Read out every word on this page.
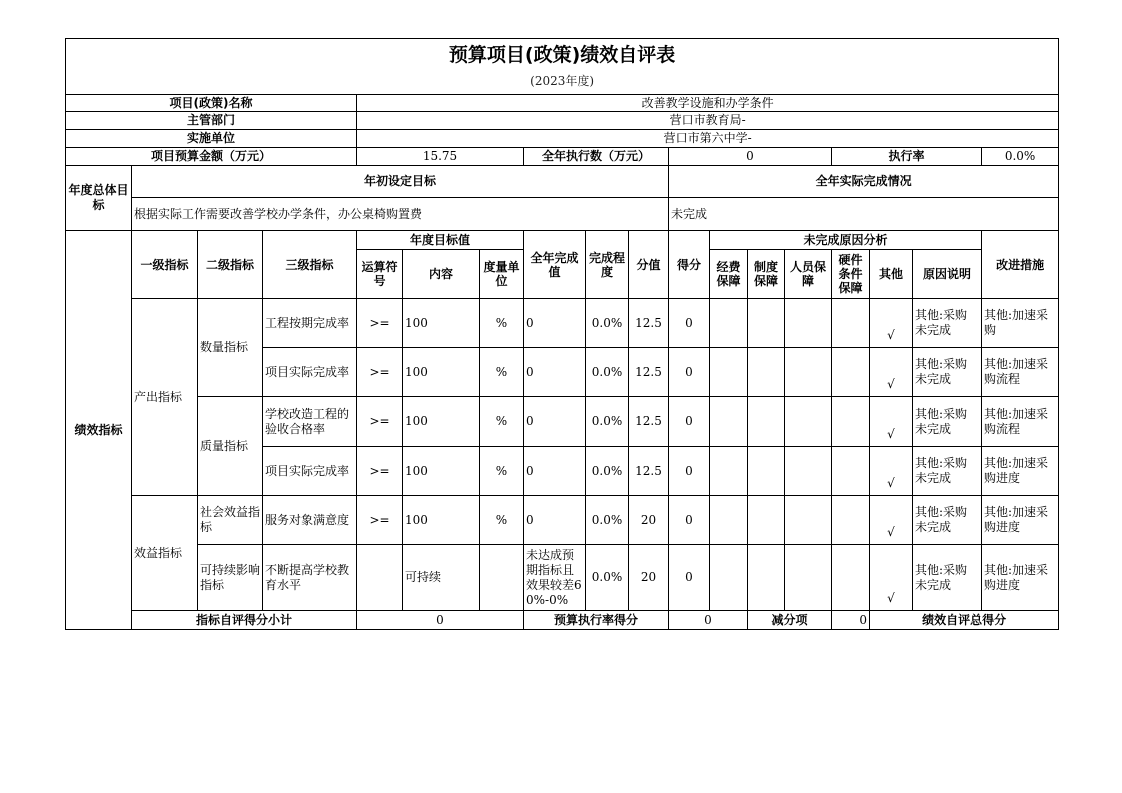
预算项目(政策)绩效自评表																		
(2023年度)																		
项目(政策)名称				改善教学设施和办学条件														
主管部门				营口市教育局-														
实施单位				营口市第六中学-														
项目预算金额（万元）				15.75			全年执行数（万元）			0				执行率			0.0%	
年度总体目标	年初设定目标									全年实际完成情况								
	根据实际工作需要改善学校办学条件，办公桌椅购置费									未完成								
绩效指标	一级指标	二级指标	三级指标	年度目标值			全年完成值	完成程度	分值	得分	未完成原因分析						改进措施	
				运算符号	内容	度量单位					经费保障	制度保障	人员保障	硬件条件保障	其他	原因说明		
	产出指标	数量指标	工程按期完成率	>=	100	%	0	0.0%	12.5	0					√	其他:采购未完成	其他:加速采购	
			项目实际完成率	>=	100	%	0	0.0%	12.5	0					√	其他:采购未完成	其他:加速采购流程	
		质量指标	学校改造工程的验收合格率	>=	100	%	0	0.0%	12.5	0					√	其他:采购未完成	其他:加速采购流程	
			项目实际完成率	>=	100	%	0	0.0%	12.5	0					√	其他:采购未完成	其他:加速采购进度	
	效益指标	社会效益指标	服务对象满意度	>=	100	%	0	0.0%	20	0					√	其他:采购未完成	其他:加速采购进度	
		可持续影响指标	不断提高学校教育水平		可持续		未达成预期指标且效果较差60%-0%	0.0%	20	0					√	其他:采购未完成	其他:加速采购进度	
	指标自评得分小计			0			预算执行率得分			0		减分项		0	绩效自评总得分	
